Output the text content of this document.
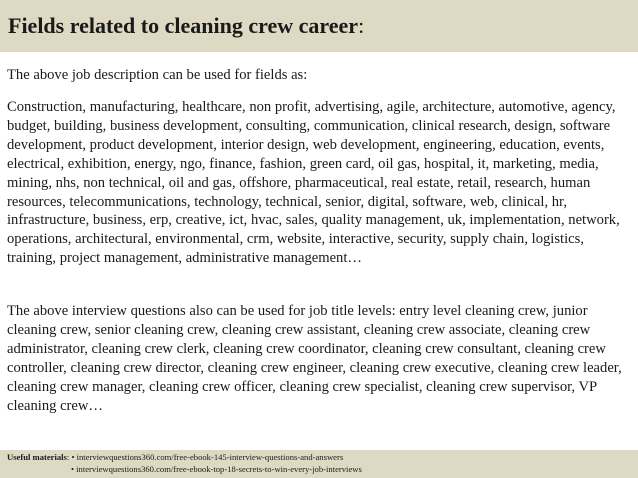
Fields related to cleaning crew career:
The above job description can be used for fields as:
Construction, manufacturing, healthcare, non profit, advertising, agile, architecture, automotive, agency, budget, building, business development, consulting, communication, clinical research, design, software development, product development, interior design, web development, engineering, education, events, electrical, exhibition, energy, ngo, finance, fashion, green card, oil gas, hospital, it, marketing, media, mining, nhs, non technical, oil and gas, offshore, pharmaceutical, real estate, retail, research, human resources, telecommunications, technology, technical, senior, digital, software, web, clinical, hr, infrastructure, business, erp, creative, ict, hvac, sales, quality management, uk, implementation, network, operations, architectural, environmental, crm, website, interactive, security, supply chain, logistics, training, project management, administrative management…
The above interview questions also can be used for job title levels: entry level cleaning crew, junior cleaning crew, senior cleaning crew, cleaning crew assistant, cleaning crew associate, cleaning crew administrator, cleaning crew clerk, cleaning crew coordinator, cleaning crew consultant, cleaning crew controller, cleaning crew director, cleaning crew engineer, cleaning crew executive, cleaning crew leader, cleaning crew manager, cleaning crew officer, cleaning crew specialist, cleaning crew supervisor, VP cleaning crew…
Useful materials: • interviewquestions360.com/free-ebook-145-interview-questions-and-answers
• interviewquestions360.com/free-ebook-top-18-secrets-to-win-every-job-interviews
